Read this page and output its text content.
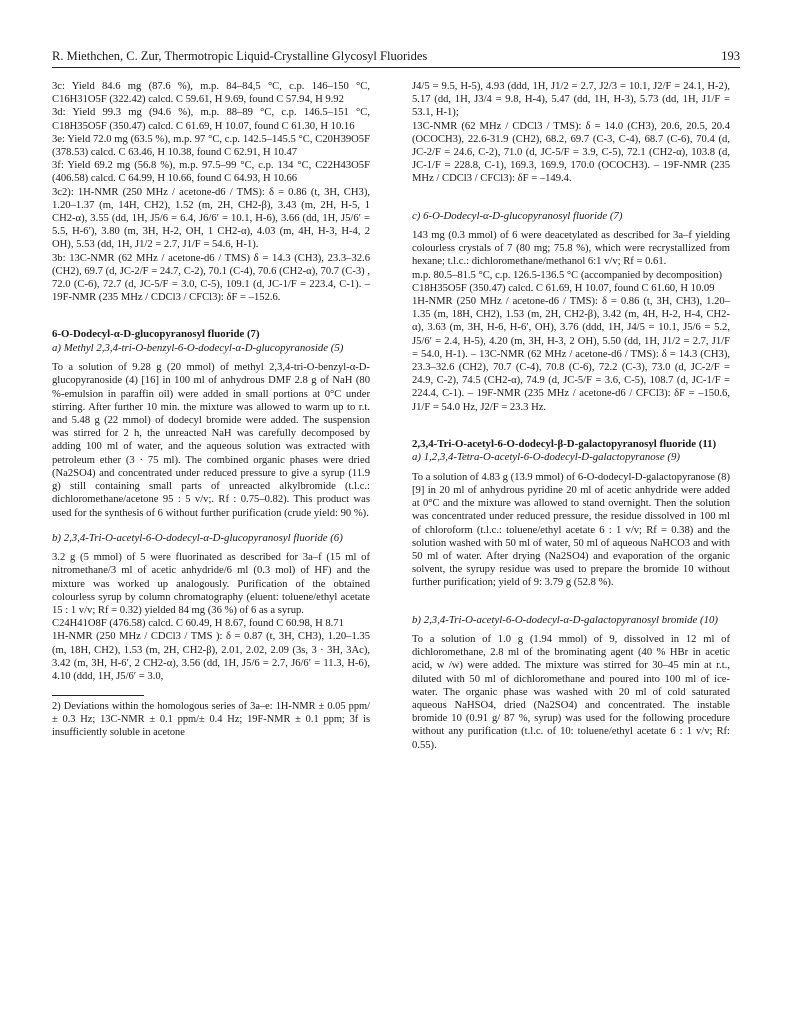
R. Miethchen, C. Zur, Thermotropic Liquid-Crystalline Glycosyl Fluorides	193

3c: Yield 84.6 mg (87.6 %), m.p. 84–84,5 °C, c.p. 146–150 °C, C16H31O5F (322.42) calcd. C 59.61, H 9.69, found C 57.94, H 9.92

3d: Yield 99.3 mg (94.6 %), m.p. 88–89 °C, c.p. 146.5–151 °C, C18H35O5F (350.47) calcd. C 61.69, H 10.07, found C 61.30, H 10.16

3e: Yield 72.0 mg (63.5 %), m.p. 97 °C, c.p. 142.5–145.5 °C, C20H39O5F (378.53) calcd. C 63.46, H 10.38, found C 62.91, H 10.47

3f: Yield 69.2 mg (56.8 %), m.p. 97.5–99 °C, c.p. 134 °C, C22H43O5F (406.58) calcd. C 64.99, H 10.66, found C 64.93, H 10.66

3c2): 1H-NMR (250 MHz / acetone-d6 / TMS): δ = 0.86 (t, 3H, CH3), 1.20–1.37 (m, 14H, CH2), 1.52 (m, 2H, CH2-β), 3.43 (m, 2H, H-5, 1 CH2-α), 3.55 (dd, 1H, J5/6 = 6.4, J6/6′ = 10.1, H-6), 3.66 (dd, 1H, J5/6′ = 5.5, H-6′), 3.80 (m, 3H, H-2, OH, 1 CH2-α), 4.03 (m, 4H, H-3, H-4, 2 OH), 5.53 (dd, 1H, J1/2 = 2.7, J1/F = 54.6, H-1).

3b: 13C-NMR (62 MHz / acetone-d6 / TMS) δ = 14.3 (CH3), 23.3–32.6 (CH2), 69.7 (d, JC-2/F = 24.7, C-2), 70.1 (C-4), 70.6 (CH2-α), 70.7 (C-3) , 72.0 (C-6), 72.7 (d, JC-5/F = 3.0, C-5), 109.1 (d, JC-1/F = 223.4, C-1). – 19F-NMR (235 MHz / CDCl3 / CFCl3): δF = –152.6.

6-O-Dodecyl-α-D-glucopyranosyl fluoride (7)

a) Methyl 2,3,4-tri-O-benzyl-6-O-dodecyl-α-D-glucopyranoside (5)

To a solution of 9.28 g (20 mmol) of methyl 2,3,4-tri-O-benzyl-α-D-glucopyranoside (4) [16] in 100 ml of anhydrous DMF 2.8 g of NaH (80 %-emulsion in paraffin oil) were added in small portions at 0°C under stirring. After further 10 min. the mixture was allowed to warm up to r.t. and 5.48 g (22 mmol) of dodecyl bromide were added. The suspension was stirred for 2 h, the unreacted NaH was carefully decomposed by adding 100 ml of water, and the aqueous solution was extracted with petroleum ether (3 · 75 ml). The combined organic phases were dried (Na2SO4) and concentrated under reduced pressure to give a syrup (11.9 g) still containing small parts of unreacted alkylbromide (t.l.c.: dichloromethane/acetone 95 : 5 v/v;. Rf : 0.75–0.82). This product was used for the synthesis of 6 without further purification (crude yield: 90 %).

b) 2,3,4-Tri-O-acetyl-6-O-dodecyl-α-D-glucopyranosyl fluoride (6)

3.2 g (5 mmol) of 5 were fluorinated as described for 3a–f (15 ml of nitromethane/3 ml of acetic anhydride/6 ml (0.3 mol) of HF) and the mixture was worked up analogously. Purification of the obtained colourless syrup by column chromatography (eluent: toluene/ethyl acetate 15 : 1 v/v; Rf = 0.32) yielded 84 mg (36 %) of 6 as a syrup.

C24H41O8F (476.58) calcd. C 60.49, H 8.67, found C 60.98, H 8.71

1H-NMR (250 MHz / CDCl3 / TMS ): δ = 0.87 (t, 3H, CH3), 1.20–1.35 (m, 18H, CH2), 1.53 (m, 2H, CH2-β), 2.01, 2.02, 2.09 (3s, 3 · 3H, 3Ac), 3.42 (m, 3H, H-6′, 2 CH2-α), 3.56 (dd, 1H, J5/6 = 2.7, J6/6′ = 11.3, H-6), 4.10 (ddd, 1H, J5/6′ = 3.0,

2) Deviations within the homologous series of 3a–e: 1H-NMR ± 0.05 ppm/± 0.3 Hz; 13C-NMR ± 0.1 ppm/± 0.4 Hz; 19F-NMR ± 0.1 ppm; 3f is insufficiently soluble in acetone

J4/5 = 9.5, H-5), 4.93 (ddd, 1H, J1/2 = 2.7, J2/3 = 10.1, J2/F = 24.1, H-2), 5.17 (dd, 1H, J3/4 = 9.8, H-4), 5.47 (dd, 1H, H-3), 5.73 (dd, 1H, J1/F = 53.1, H-1);

13C-NMR (62 MHz / CDCl3 / TMS): δ = 14.0 (CH3), 20.6, 20.5, 20.4 (OCOCH3), 22.6-31.9 (CH2), 68.2, 69.7 (C-3, C-4), 68.7 (C-6), 70.4 (d, JC-2/F = 24.6, C-2), 71.0 (d, JC-5/F = 3.9, C-5), 72.1 (CH2-α), 103.8 (d, JC-1/F = 228.8, C-1), 169.3, 169.9, 170.0 (OCOCH3). – 19F-NMR (235 MHz / CDCl3 / CFCl3): δF = –149.4.

c) 6-O-Dodecyl-α-D-glucopyranosyl fluoride (7)

143 mg (0.3 mmol) of 6 were deacetylated as described for 3a–f yielding colourless crystals of 7 (80 mg; 75.8 %), which were recrystallized from hexane; t.l.c.: dichloromethane/methanol 6:1 v/v; Rf = 0.61.

m.p. 80.5–81.5 °C, c.p. 126.5-136.5 °C (accompanied by decomposition)

C18H35O5F (350.47) calcd. C 61.69, H 10.07, found C 61.60, H 10.09

1H-NMR (250 MHz / acetone-d6 / TMS): δ = 0.86 (t, 3H, CH3), 1.20–1.35 (m, 18H, CH2), 1.53 (m, 2H, CH2-β), 3.42 (m, 4H, H-2, H-4, CH2-α), 3.63 (m, 3H, H-6, H-6′, OH), 3.76 (ddd, 1H, J4/5 = 10.1, J5/6 = 5.2, J5/6′ = 2.4, H-5), 4.20 (m, 3H, H-3, 2 OH), 5.50 (dd, 1H, J1/2 = 2.7, J1/F = 54.0, H-1). – 13C-NMR (62 MHz / acetone-d6 / TMS): δ = 14.3 (CH3), 23.3–32.6 (CH2), 70.7 (C-4), 70.8 (C-6), 72.2 (C-3), 73.0 (d, JC-2/F = 24.9, C-2), 74.5 (CH2-α), 74.9 (d, JC-5/F = 3.6, C-5), 108.7 (d, JC-1/F = 224.4, C-1). – 19F-NMR (235 MHz / acetone-d6 / CFCl3): δF = –150.6, J1/F = 54.0 Hz, J2/F = 23.3 Hz.

2,3,4-Tri-O-acetyl-6-O-dodecyl-β-D-galactopyranosyl fluoride (11)

a) 1,2,3,4-Tetra-O-acetyl-6-O-dodecyl-D-galactopyranose (9)

To a solution of 4.83 g (13.9 mmol) of 6-O-dodecyl-D-galactopyranose (8) [9] in 20 ml of anhydrous pyridine 20 ml of acetic anhydride were added at 0°C and the mixture was allowed to stand overnight. Then the solution was concentrated under reduced pressure, the residue dissolved in 100 ml of chloroform (t.l.c.: toluene/ethyl acetate 6 : 1 v/v; Rf = 0.38) and the solution washed with 50 ml of water, 50 ml of aqueous NaHCO3 and with 50 ml of water. After drying (Na2SO4) and evaporation of the organic solvent, the syrupy residue was used to prepare the bromide 10 without further purification; yield of 9: 3.79 g (52.8 %).

b) 2,3,4-Tri-O-acetyl-6-O-dodecyl-α-D-galactopyranosyl bromide (10)

To a solution of 1.0 g (1.94 mmol) of 9, dissolved in 12 ml of dichloromethane, 2.8 ml of the brominating agent (40 % HBr in acetic acid, w /w) were added. The mixture was stirred for 30–45 min at r.t., diluted with 50 ml of dichloromethane and poured into 100 ml of ice-water. The organic phase was washed with 20 ml of cold saturated aqueous NaHSO4, dried (Na2SO4) and concentrated. The instable bromide 10 (0.91 g/ 87 %, syrup) was used for the following procedure without any purification (t.l.c. of 10: toluene/ethyl acetate 6 : 1 v/v; Rf: 0.55).
